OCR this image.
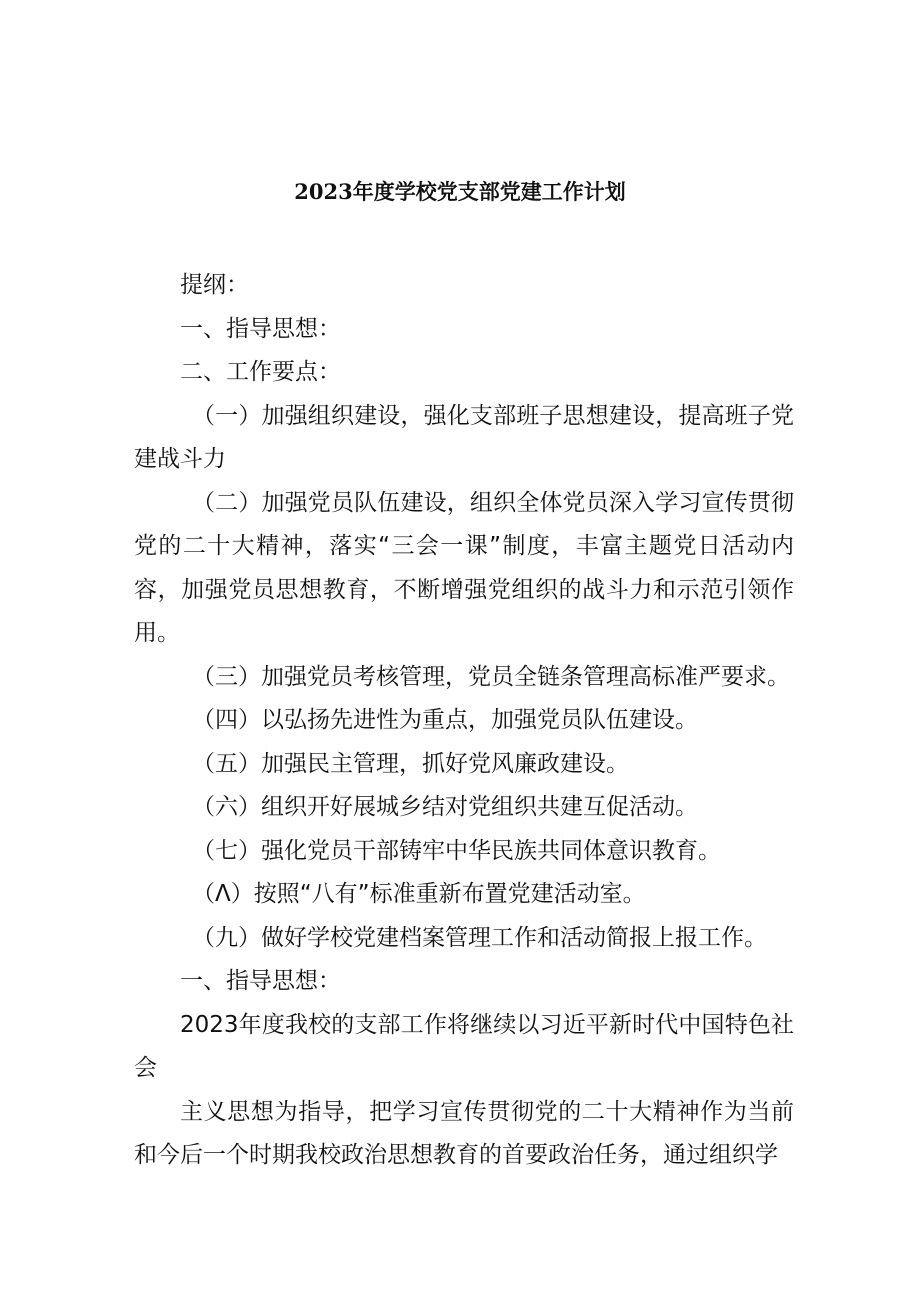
2023年度学校党支部党建工作计划

提纲：

一、指导思想：

二、工作要点：

（一）加强组织建设，强化支部班子思想建设，提高班子党建战斗力

（二）加强党员队伍建设，组织全体党员深入学习宣传贯彻党的二十大精神，落实“三会一课”制度，丰富主题党日活动内容，加强党员思想教育，不断增强党组织的战斗力和示范引领作用。

（三）加强党员考核管理，党员全链条管理高标准严要求。

（四）以弘扬先进性为重点，加强党员队伍建设。

（五）加强民主管理，抓好党风廉政建设。

（六）组织开好展城乡结对党组织共建互促活动。

（七）强化党员干部铸牢中华民族共同体意识教育。

（Λ）按照“八有”标准重新布置党建活动室。

（九）做好学校党建档案管理工作和活动简报上报工作。

一、指导思想：

2023年度我校的支部工作将继续以习近平新时代中国特色社会

主义思想为指导，把学习宣传贯彻党的二十大精神作为当前和今后一个时期我校政治思想教育的首要政治任务，通过组织学
